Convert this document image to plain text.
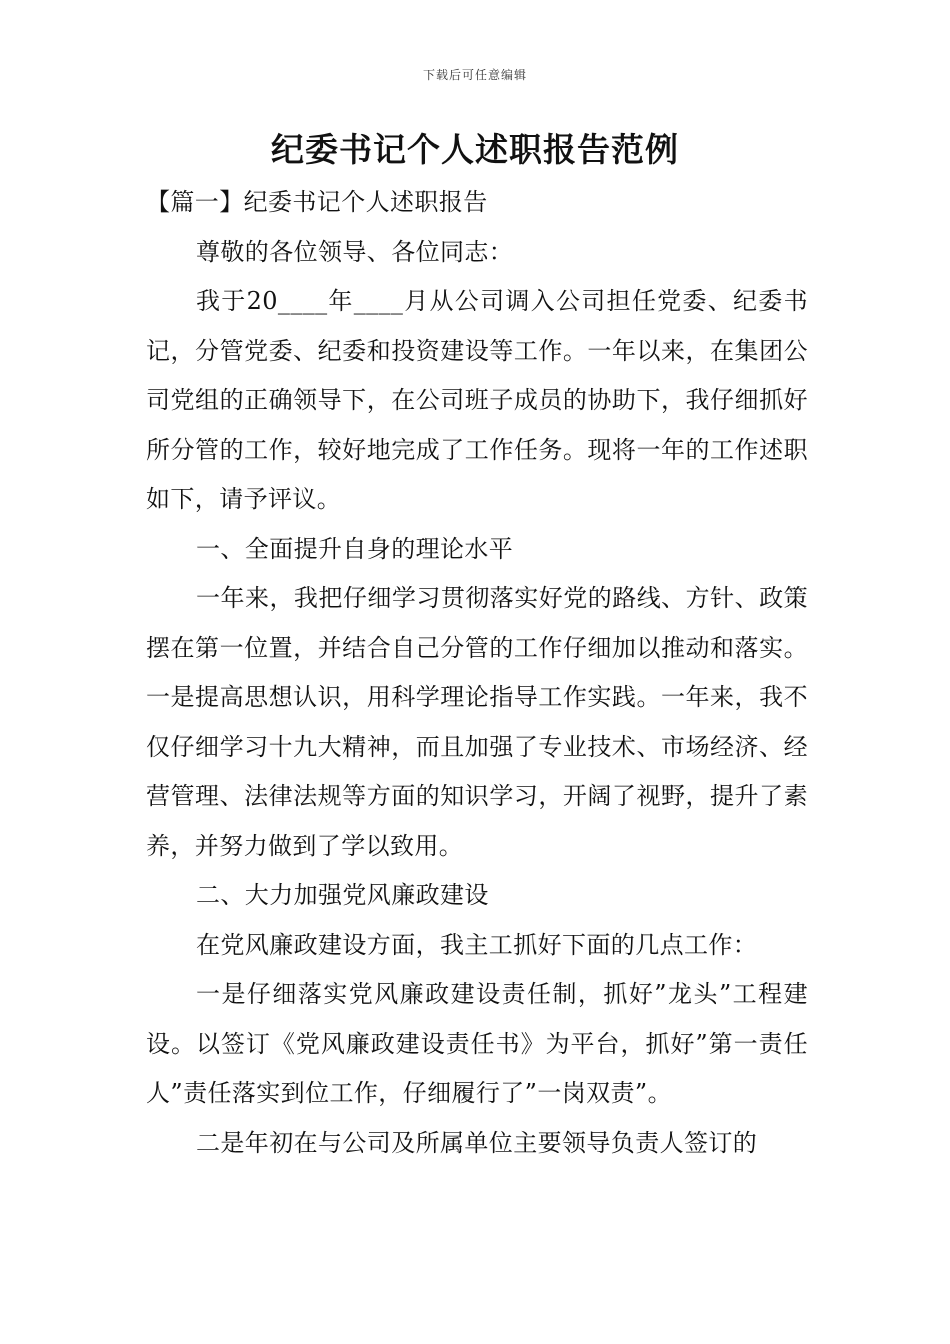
下载后可任意编辑
纪委书记个人述职报告范例

【篇一】纪委书记个人述职报告

尊敬的各位领导、各位同志：

我于20____年____月从公司调入公司担任党委、纪委书记，分管党委、纪委和投资建设等工作。一年以来，在集团公司党组的正确领导下，在公司班子成员的协助下，我仔细抓好所分管的工作，较好地完成了工作任务。现将一年的工作述职如下，请予评议。

一、全面提升自身的理论水平

一年来，我把仔细学习贯彻落实好党的路线、方针、政策摆在第一位置，并结合自己分管的工作仔细加以推动和落实。一是提高思想认识，用科学理论指导工作实践。一年来，我不仅仔细学习十九大精神，而且加强了专业技术、市场经济、经营管理、法律法规等方面的知识学习，开阔了视野，提升了素养，并努力做到了学以致用。

二、大力加强党风廉政建设

在党风廉政建设方面，我主工抓好下面的几点工作：

一是仔细落实党风廉政建设责任制，抓好”龙头”工程建设。以签订《党风廉政建设责任书》为平台，抓好”第一责任人”责任落实到位工作，仔细履行了”一岗双责”。

二是年初在与公司及所属单位主要领导负责人签订的
